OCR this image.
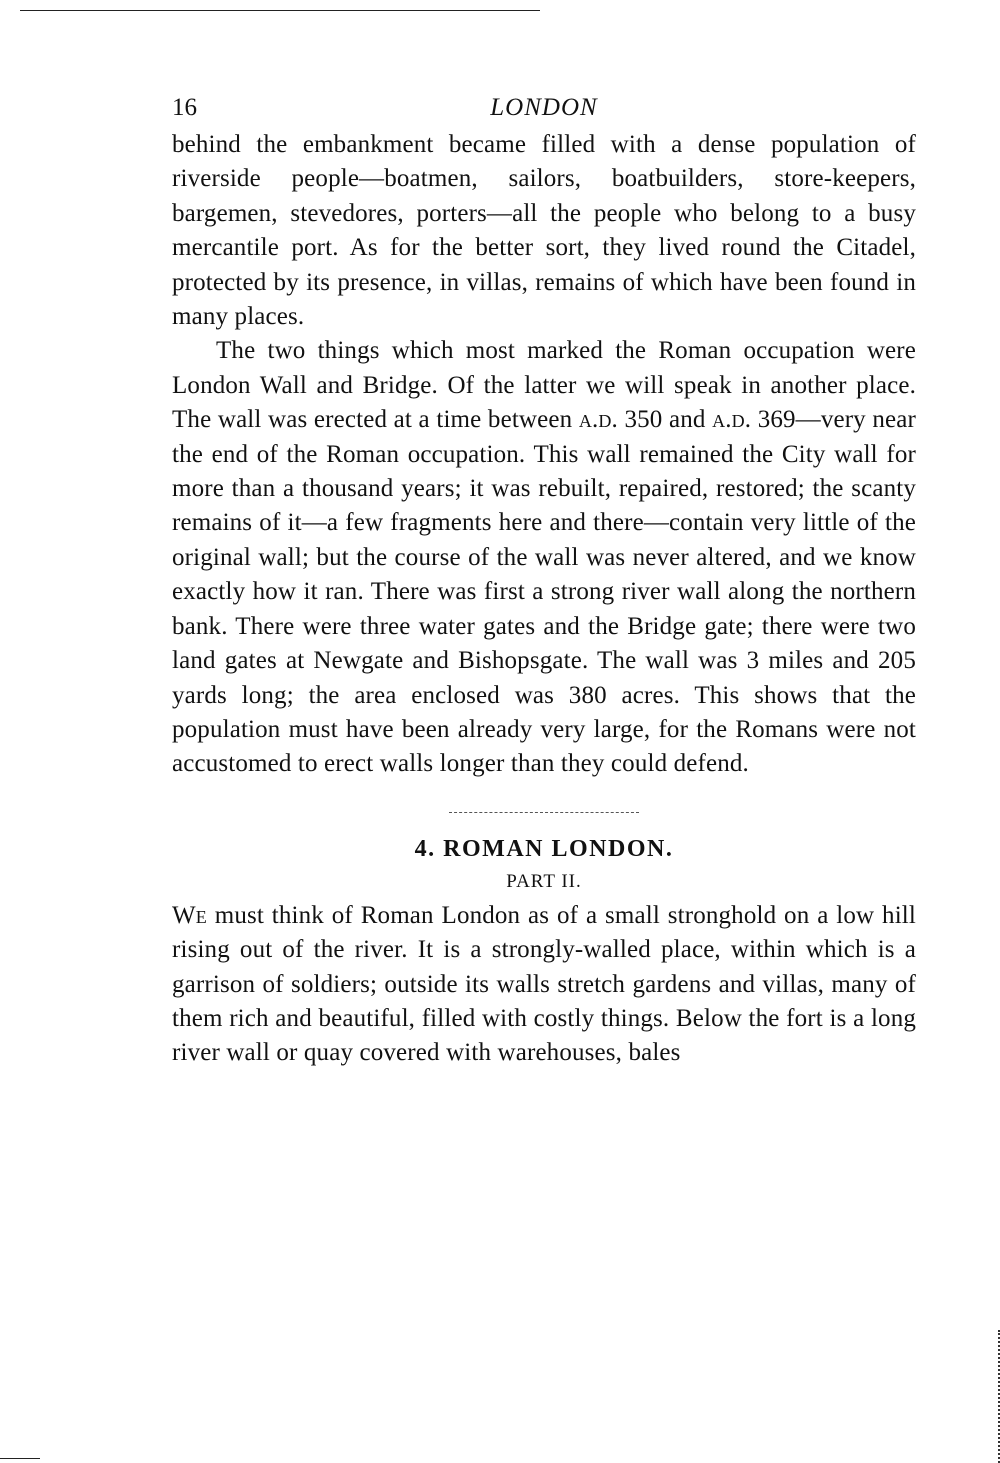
16	LONDON

behind the embankment became filled with a dense population of riverside people—boatmen, sailors, boatbuilders, store-keepers, bargemen, stevedores, porters—all the people who belong to a busy mercantile port. As for the better sort, they lived round the Citadel, protected by its presence, in villas, remains of which have been found in many places.

The two things which most marked the Roman occupation were London Wall and Bridge. Of the latter we will speak in another place. The wall was erected at a time between a.d. 350 and a.d. 369—very near the end of the Roman occupation. This wall remained the City wall for more than a thousand years; it was rebuilt, repaired, restored; the scanty remains of it—a few fragments here and there—contain very little of the original wall; but the course of the wall was never altered, and we know exactly how it ran. There was first a strong river wall along the northern bank. There were three water gates and the Bridge gate; there were two land gates at Newgate and Bishopsgate. The wall was 3 miles and 205 yards long; the area enclosed was 380 acres. This shows that the population must have been already very large, for the Romans were not accustomed to erect walls longer than they could defend.

4. ROMAN LONDON.
PART II.

We must think of Roman London as of a small stronghold on a low hill rising out of the river. It is a strongly-walled place, within which is a garrison of soldiers; outside its walls stretch gardens and villas, many of them rich and beautiful, filled with costly things. Below the fort is a long river wall or quay covered with warehouses, bales
